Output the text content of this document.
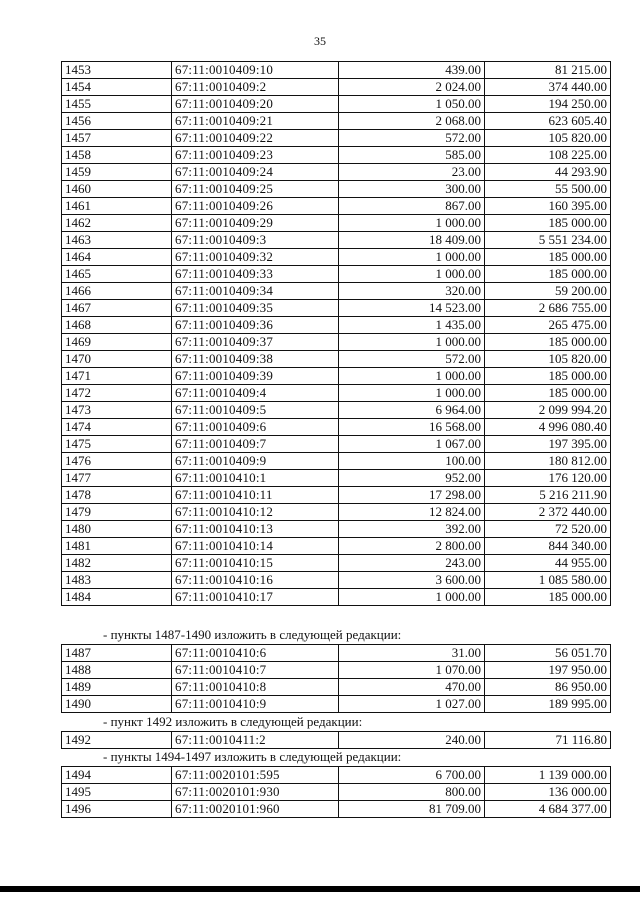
35
1453	67:11:0010409:10	439.00	81 215.00
1454	67:11:0010409:2	2 024.00	374 440.00
1455	67:11:0010409:20	1 050.00	194 250.00
1456	67:11:0010409:21	2 068.00	623 605.40
1457	67:11:0010409:22	572.00	105 820.00
1458	67:11:0010409:23	585.00	108 225.00
1459	67:11:0010409:24	23.00	44 293.90
1460	67:11:0010409:25	300.00	55 500.00
1461	67:11:0010409:26	867.00	160 395.00
1462	67:11:0010409:29	1 000.00	185 000.00
1463	67:11:0010409:3	18 409.00	5 551 234.00
1464	67:11:0010409:32	1 000.00	185 000.00
1465	67:11:0010409:33	1 000.00	185 000.00
1466	67:11:0010409:34	320.00	59 200.00
1467	67:11:0010409:35	14 523.00	2 686 755.00
1468	67:11:0010409:36	1 435.00	265 475.00
1469	67:11:0010409:37	1 000.00	185 000.00
1470	67:11:0010409:38	572.00	105 820.00
1471	67:11:0010409:39	1 000.00	185 000.00
1472	67:11:0010409:4	1 000.00	185 000.00
1473	67:11:0010409:5	6 964.00	2 099 994.20
1474	67:11:0010409:6	16 568.00	4 996 080.40
1475	67:11:0010409:7	1 067.00	197 395.00
1476	67:11:0010409:9	100.00	180 812.00
1477	67:11:0010410:1	952.00	176 120.00
1478	67:11:0010410:11	17 298.00	5 216 211.90
1479	67:11:0010410:12	12 824.00	2 372 440.00
1480	67:11:0010410:13	392.00	72 520.00
1481	67:11:0010410:14	2 800.00	844 340.00
1482	67:11:0010410:15	243.00	44 955.00
1483	67:11:0010410:16	3 600.00	1 085 580.00
1484	67:11:0010410:17	1 000.00	185 000.00
- пункты 1487-1490 изложить в следующей редакции:
1487	67:11:0010410:6	31.00	56 051.70
1488	67:11:0010410:7	1 070.00	197 950.00
1489	67:11:0010410:8	470.00	86 950.00
1490	67:11:0010410:9	1 027.00	189 995.00
- пункт 1492 изложить в следующей редакции:
1492	67:11:0010411:2	240.00	71 116.80
- пункты 1494-1497 изложить в следующей редакции:
1494	67:11:0020101:595	6 700.00	1 139 000.00
1495	67:11:0020101:930	800.00	136 000.00
1496	67:11:0020101:960	81 709.00	4 684 377.00
